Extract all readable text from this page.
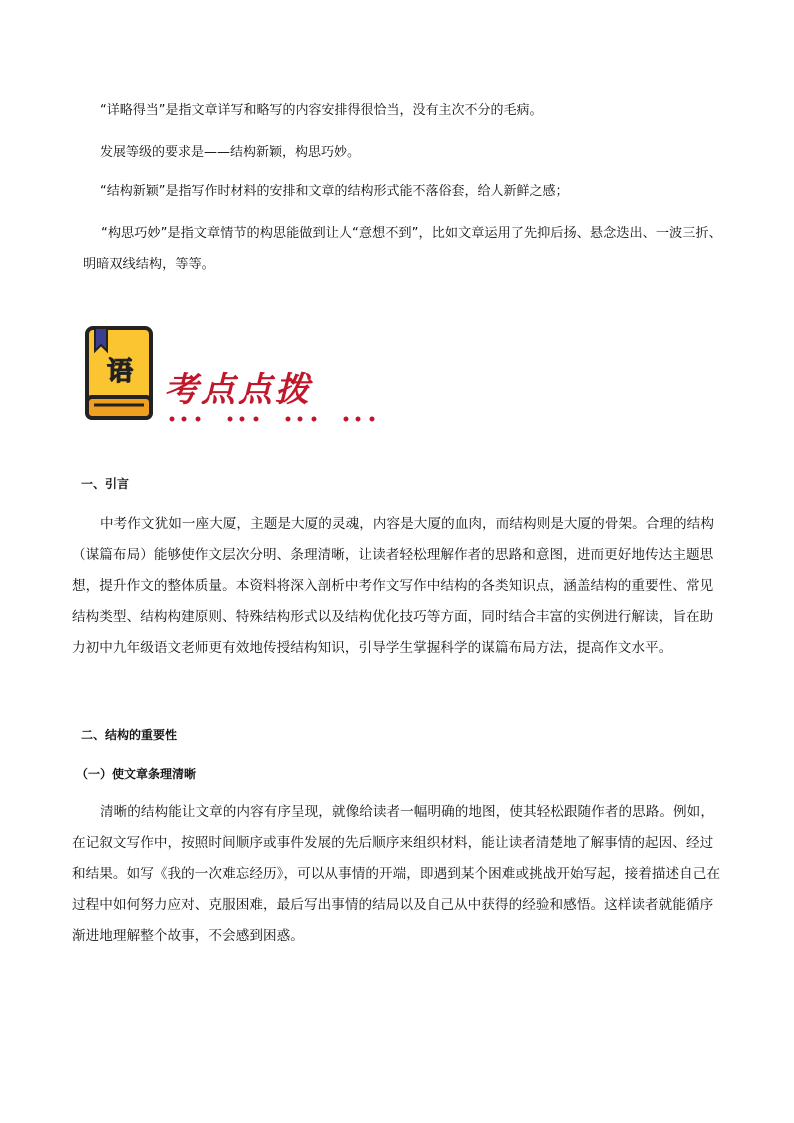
“详略得当”是指文章详写和略写的内容安排得很恰当，没有主次不分的毛病。

发展等级的要求是——结构新颖，构思巧妙。

“结构新颖”是指写作时材料的安排和文章的结构形式能不落俗套，给人新鲜之感；

“构思巧妙”是指文章情节的构思能做到让人“意想不到”，比如文章运用了先抑后扬、悬念迭出、一波三折、明暗双线结构，等等。

语 考点点拨
一、引言

中考作文犹如一座大厦，主题是大厦的灵魂，内容是大厦的血肉，而结构则是大厦的骨架。合理的结构（谋篇布局）能够使作文层次分明、条理清晰，让读者轻松理解作者的思路和意图，进而更好地传达主题思想，提升作文的整体质量。本资料将深入剖析中考作文写作中结构的各类知识点，涵盖结构的重要性、常见结构类型、结构构建原则、特殊结构形式以及结构优化技巧等方面，同时结合丰富的实例进行解读，旨在助力初中九年级语文老师更有效地传授结构知识，引导学生掌握科学的谋篇布局方法，提高作文水平。

二、结构的重要性
（一）使文章条理清晰

清晰的结构能让文章的内容有序呈现，就像给读者一幅明确的地图，使其轻松跟随作者的思路。例如，在记叙文写作中，按照时间顺序或事件发展的先后顺序来组织材料，能让读者清楚地了解事情的起因、经过和结果。如写《我的一次难忘经历》，可以从事情的开端，即遇到某个困难或挑战开始写起，接着描述自己在过程中如何努力应对、克服困难，最后写出事情的结局以及自己从中获得的经验和感悟。这样读者就能循序渐进地理解整个故事，不会感到困惑。
